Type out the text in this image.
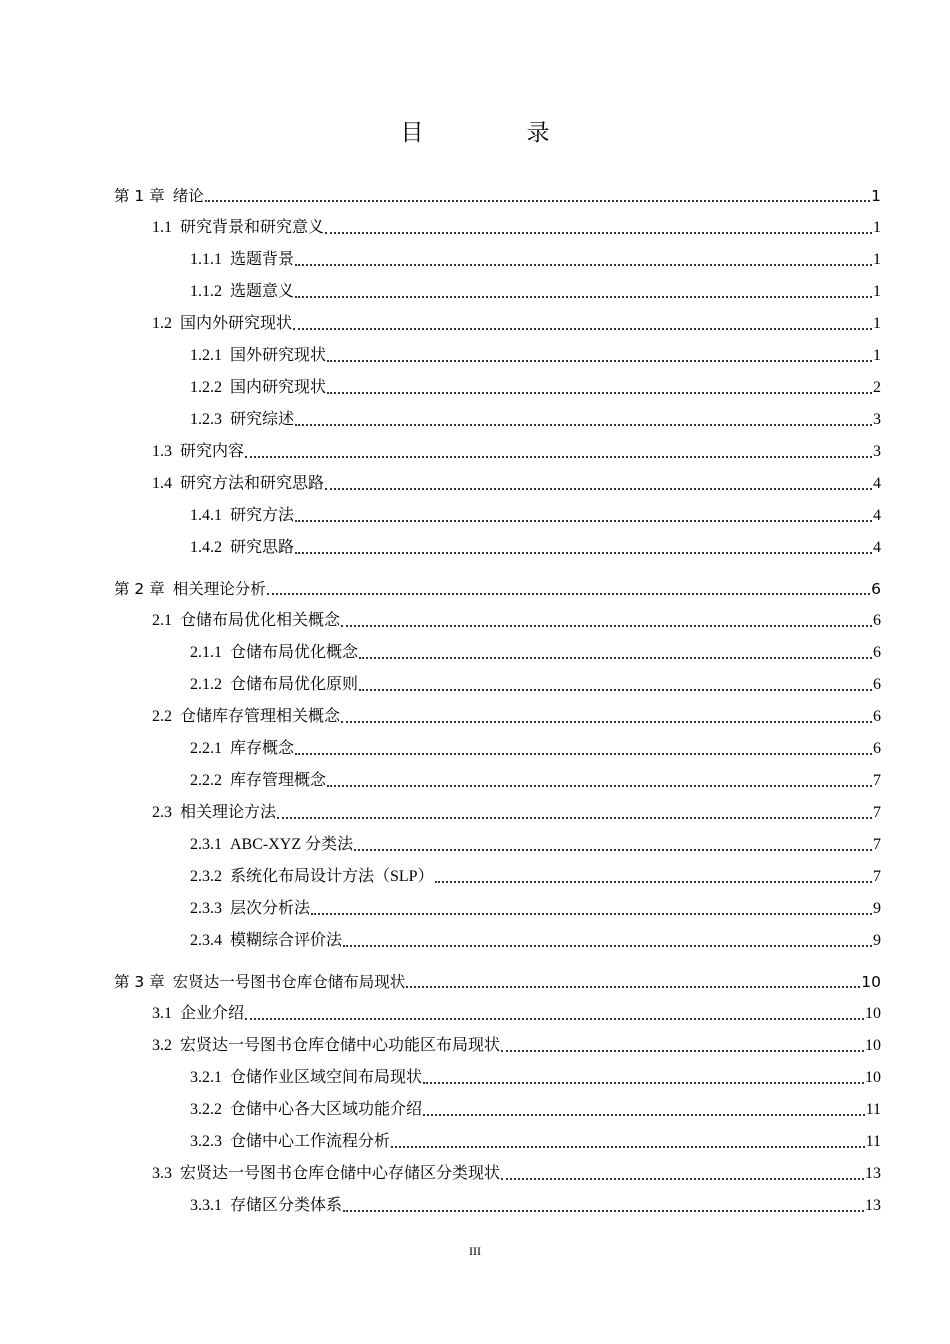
目　录
第 1 章 绪论	1
1.1 研究背景和研究意义	1
1.1.1 选题背景	1
1.1.2 选题意义	1
1.2 国内外研究现状	1
1.2.1 国外研究现状	1
1.2.2 国内研究现状	2
1.2.3 研究综述	3
1.3 研究内容	3
1.4 研究方法和研究思路	4
1.4.1 研究方法	4
1.4.2 研究思路	4
第 2 章 相关理论分析	6
2.1 仓储布局优化相关概念	6
2.1.1 仓储布局优化概念	6
2.1.2 仓储布局优化原则	6
2.2 仓储库存管理相关概念	6
2.2.1 库存概念	6
2.2.2 库存管理概念	7
2.3 相关理论方法	7
2.3.1 ABC-XYZ 分类法	7
2.3.2 系统化布局设计方法（SLP）	7
2.3.3 层次分析法	9
2.3.4 模糊综合评价法	9
第 3 章 宏贤达一号图书仓库仓储布局现状	10
3.1 企业介绍	10
3.2 宏贤达一号图书仓库仓储中心功能区布局现状	10
3.2.1 仓储作业区域空间布局现状	10
3.2.2 仓储中心各大区域功能介绍	11
3.2.3 仓储中心工作流程分析	11
3.3 宏贤达一号图书仓库仓储中心存储区分类现状	13
3.3.1 存储区分类体系	13
III
